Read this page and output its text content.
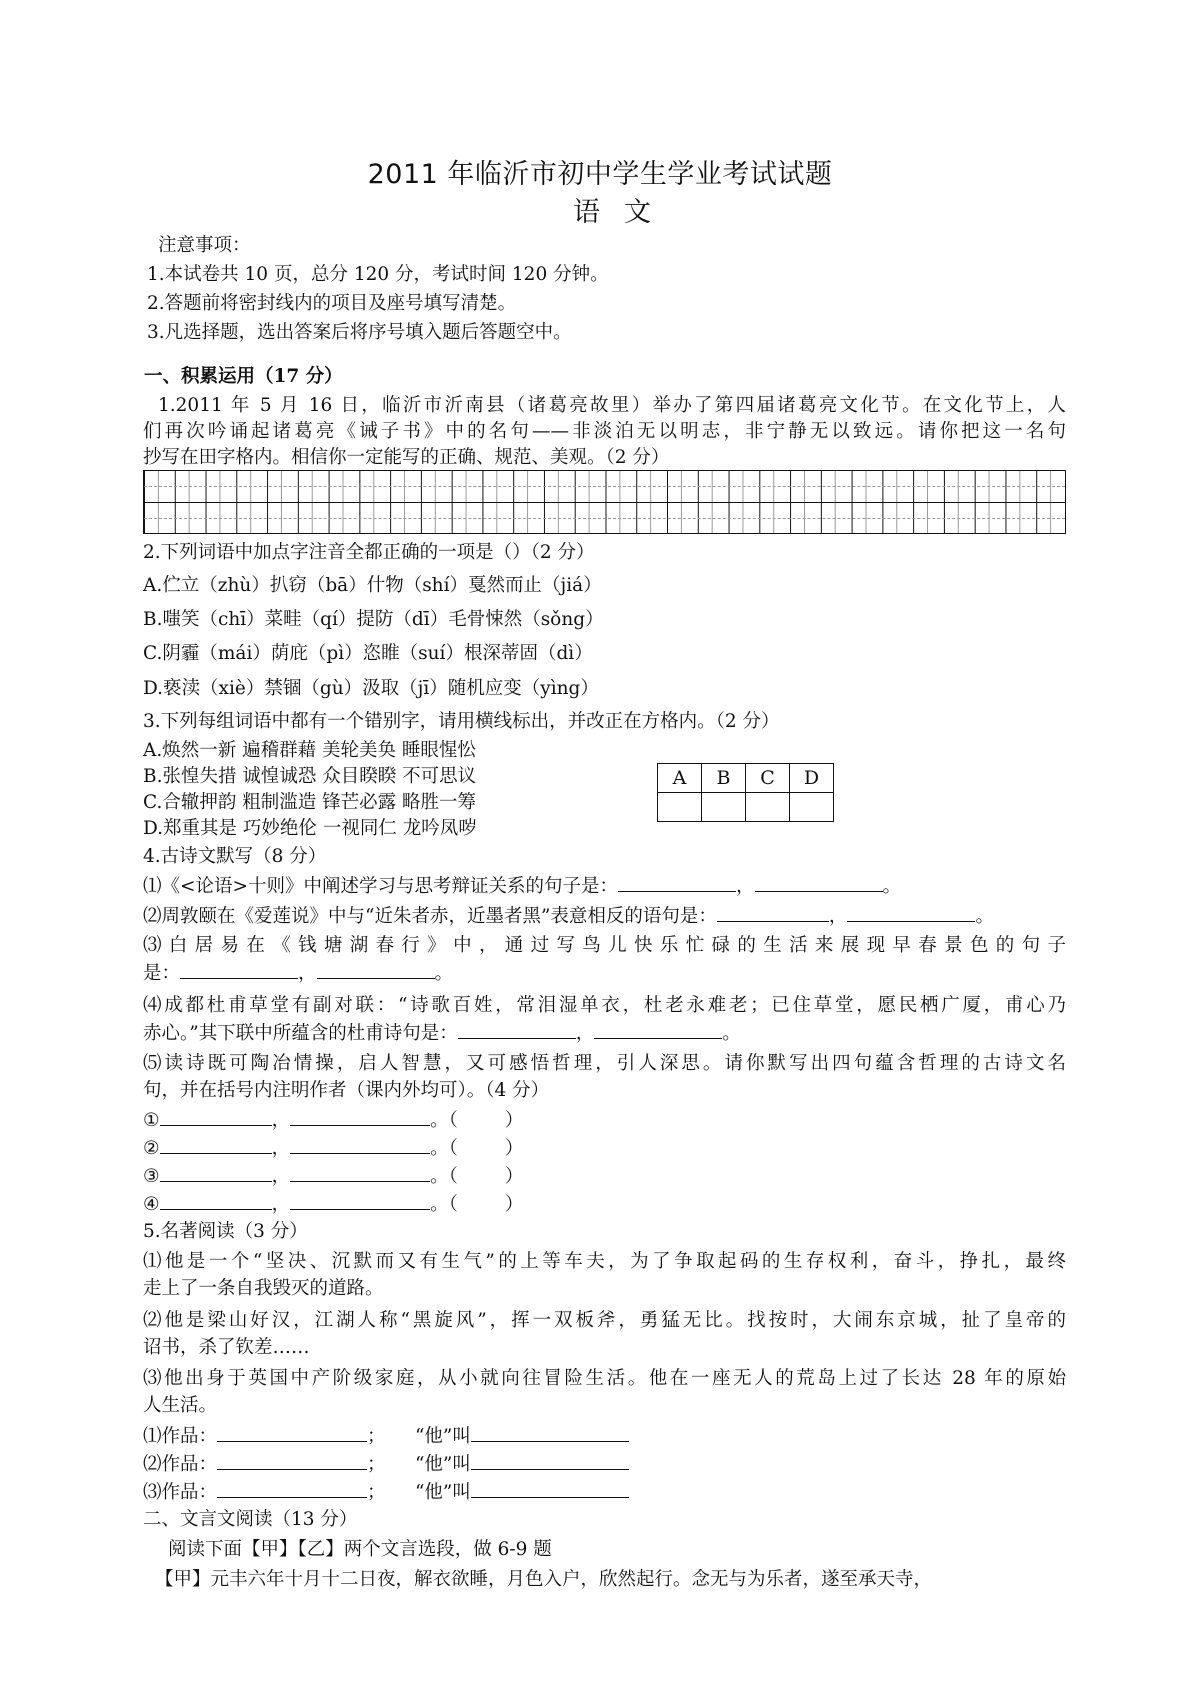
2011 年临沂市初中学生学业考试试题
语文
注意事项：
1.本试卷共 10 页，总分 120 分，考试时间 120 分钟。
2.答题前将密封线内的项目及座号填写清楚。
3.凡选择题，选出答案后将序号填入题后答题空中。
一、积累运用（17 分）
1.2011 年 5 月 16 日，临沂市沂南县（诸葛亮故里）举办了第四届诸葛亮文化节。在文化节上，人
们再次吟诵起诸葛亮《诫子书》中的名句——非淡泊无以明志，非宁静无以致远。请你把这一名句
抄写在田字格内。相信你一定能写的正确、规范、美观。（2 分）
2.下列词语中加点字注音全都正确的一项是（）（2 分）
A.伫立（zhù）扒窃（bā）什物（shí）戛然而止（jiá）
B.嗤笑（chī）菜畦（qí）提防（dī）毛骨悚然（sǒng）
C.阴霾（mái）荫庇（pì）恣睢（suí）根深蒂固（dì）
D.亵渎（xiè）禁锢（gù）汲取（jī）随机应变（yìng）
3.下列每组词语中都有一个错别字，请用横线标出，并改正在方格内。（2 分）
A.焕然一新 遍稽群藉 美轮美奂 睡眼惺忪
B.张惶失措 诚惶诚恐 众目睽睽 不可思议
C.合辙押韵 粗制滥造 锋芒必露 略胜一筹
D.郑重其是 巧妙绝伦 一视同仁 龙吟凤哕
A	B	C	D

4.古诗文默写（8 分）
⑴《<论语>十则》中阐述学习与思考辩证关系的句子是：	，	。
⑵周敦颐在《爱莲说》中与“近朱者赤，近墨者黑”表意相反的语句是：	，	。
⑶白居易在《钱塘湖春行》中，通过写鸟儿快乐忙碌的生活来展现早春景色的句子
是：	，	。
⑷成都杜甫草堂有副对联：“诗歌百姓，常泪湿单衣，杜老永难老；已住草堂，愿民栖广厦，甫心乃
赤心。”其下联中所蕴含的杜甫诗句是：	，	。
⑸读诗既可陶冶情操，启人智慧，又可感悟哲理，引人深思。请你默写出四句蕴含哲理的古诗文名
句，并在括号内注明作者（课内外均可）。（4 分）
①	，	。（        ）
②	，	。（        ）
③	，	。（        ）
④	，	。（        ）
5.名著阅读（3 分）
⑴他是一个“坚决、沉默而又有生气”的上等车夫，为了争取起码的生存权利，奋斗，挣扎，最终
走上了一条自我毁灭的道路。
⑵他是梁山好汉，江湖人称“黑旋风”，挥一双板斧，勇猛无比。找按时，大闹东京城，扯了皇帝的
诏书，杀了钦差……
⑶他出身于英国中产阶级家庭，从小就向往冒险生活。他在一座无人的荒岛上过了长达 28 年的原始
人生活。
⑴作品：	； “他”叫
⑵作品：	； “他”叫
⑶作品：	； “他”叫
二、文言文阅读（13 分）
阅读下面【甲】【乙】两个文言选段，做 6-9 题
【甲】元丰六年十月十二日夜，解衣欲睡，月色入户，欣然起行。念无与为乐者，遂至承天寺，
